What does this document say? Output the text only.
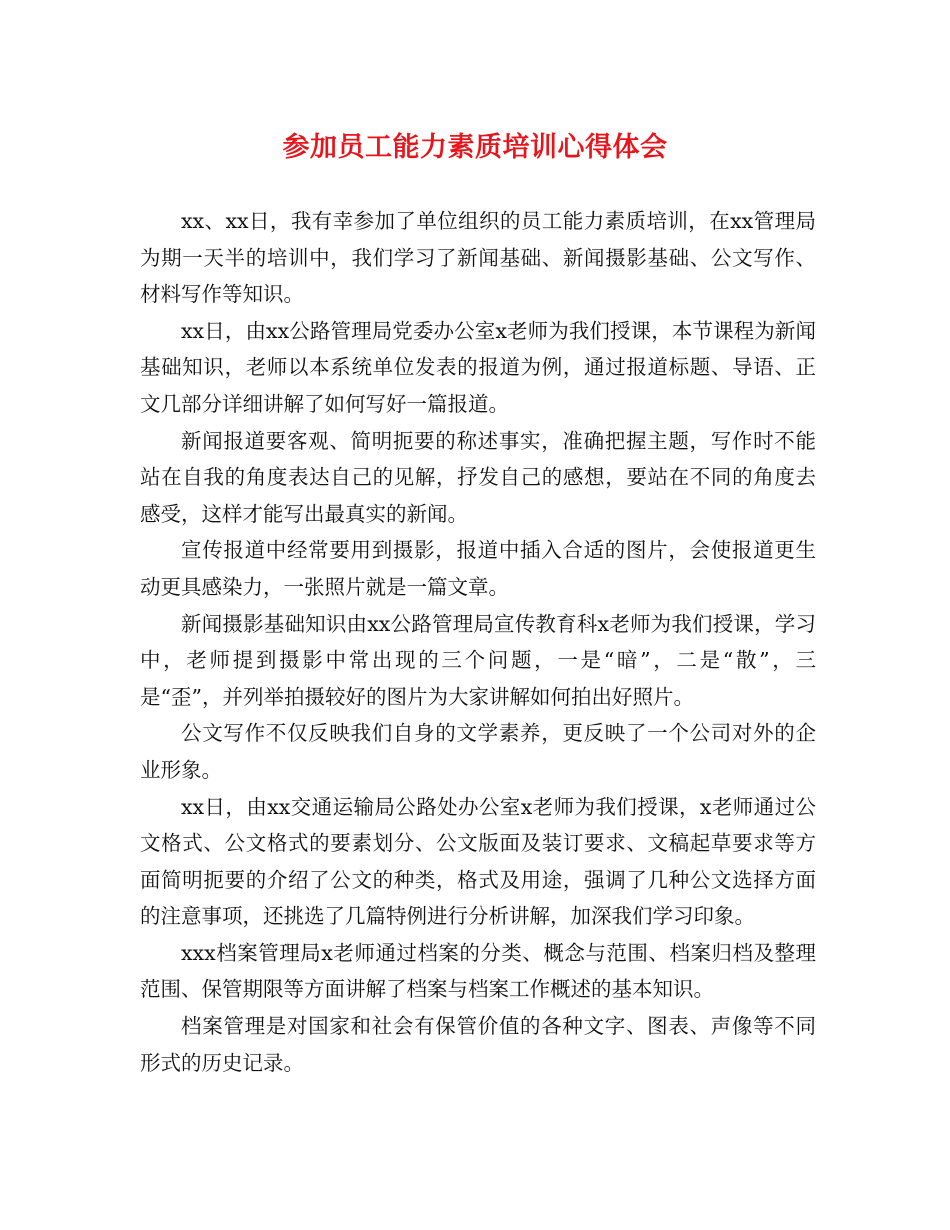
参加员工能力素质培训心得体会

xx、xx日，我有幸参加了单位组织的员工能力素质培训，在xx管理局为期一天半的培训中，我们学习了新闻基础、新闻摄影基础、公文写作、材料写作等知识。

xx日，由xx公路管理局党委办公室x老师为我们授课，本节课程为新闻基础知识，老师以本系统单位发表的报道为例，通过报道标题、导语、正文几部分详细讲解了如何写好一篇报道。

新闻报道要客观、简明扼要的称述事实，准确把握主题，写作时不能站在自我的角度表达自己的见解，抒发自己的感想，要站在不同的角度去感受，这样才能写出最真实的新闻。

宣传报道中经常要用到摄影，报道中插入合适的图片，会使报道更生动更具感染力，一张照片就是一篇文章。

新闻摄影基础知识由xx公路管理局宣传教育科x老师为我们授课，学习中，老师提到摄影中常出现的三个问题，一是“暗”，二是“散”，三是“歪”，并列举拍摄较好的图片为大家讲解如何拍出好照片。

公文写作不仅反映我们自身的文学素养，更反映了一个公司对外的企业形象。

xx日，由xx交通运输局公路处办公室x老师为我们授课，x老师通过公文格式、公文格式的要素划分、公文版面及装订要求、文稿起草要求等方面简明扼要的介绍了公文的种类，格式及用途，强调了几种公文选择方面的注意事项，还挑选了几篇特例进行分析讲解，加深我们学习印象。

xxx档案管理局x老师通过档案的分类、概念与范围、档案归档及整理范围、保管期限等方面讲解了档案与档案工作概述的基本知识。

档案管理是对国家和社会有保管价值的各种文字、图表、声像等不同形式的历史记录。
